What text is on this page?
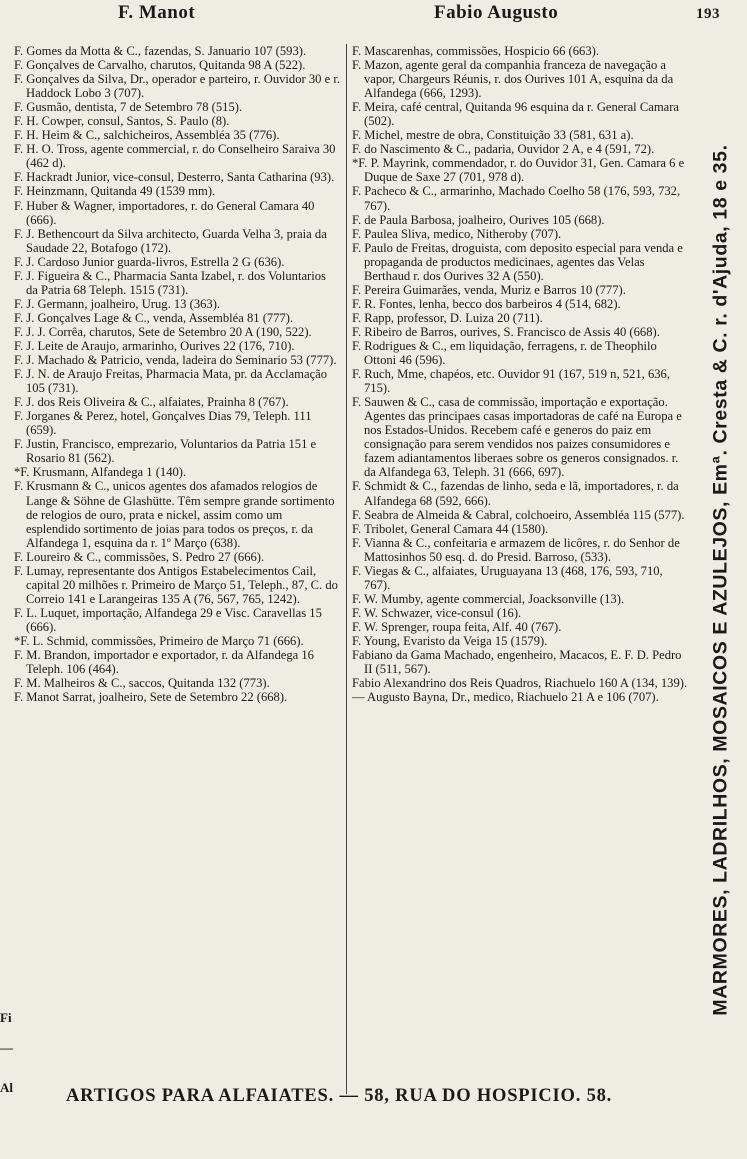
F. Manot	Fabio Augusto	193
Fi
—
Al
F. Gomes da Motta & C., fazendas, S. Januario 107 (593).
F. Gonçalves de Carvalho, charutos, Quitanda 98 A (522).
F. Gonçalves da Silva, Dr., operador e parteiro, r. Ouvidor 30 e r. Haddock Lobo 3 (707).
F. Gusmão, dentista, 7 de Setembro 78 (515).
F. H. Cowper, consul, Santos, S. Paulo (8).
F. H. Heim & C., salchicheiros, Assembléa 35 (776).
F. H. O. Tross, agente commercial, r. do Conselheiro Saraiva 30 (462 d).
F. Hackradt Junior, vice-consul, Desterro, Santa Catharina (93).
F. Heinzmann, Quitanda 49 (1539 mm).
F. Huber & Wagner, importadores, r. do General Camara 40 (666).
F. J. Bethencourt da Silva architecto, Guarda Velha 3, praia da Saudade 22, Botafogo (172).
F. J. Cardoso Junior guarda-livros, Estrella 2 G (636).
F. J. Figueira & C., Pharmacia Santa Izabel, r. dos Voluntarios da Patria 68 Teleph. 1515 (731).
F. J. Germann, joalheiro, Urug. 13 (363).
F. J. Gonçalves Lage & C., venda, Assembléa 81 (777).
F. J. J. Corrêa, charutos, Sete de Setembro 20 A (190, 522).
F. J. Leite de Araujo, armarinho, Ourives 22 (176, 710).
F. J. Machado & Patricio, venda, ladeira do Seminario 53 (777).
F. J. N. de Araujo Freitas, Pharmacia Mata, pr. da Acclamação 105 (731).
F. J. dos Reis Oliveira & C., alfaiates, Prainha 8 (767).
F. Jorganes & Perez, hotel, Gonçalves Dias 79, Teleph. 111 (659).
F. Justin, Francisco, emprezario, Voluntarios da Patria 151 e Rosario 81 (562).
*F. Krusmann, Alfandega 1 (140).
F. Krusmann & C., unicos agentes dos afamados relogios de Lange & Söhne de Glashütte. Têm sempre grande sortimento de relogios de ouro, prata e nickel, assim como um esplendido sortimento de joias para todos os preços, r. da Alfandega 1, esquina da r. 1º Março (638).
F. Loureiro & C., commissões, S. Pedro 27 (666).
F. Lumay, representante dos Antigos Estabelecimentos Cail, capital 20 milhões r. Primeiro de Março 51, Teleph., 87, C. do Correio 141 e Larangeiras 135 A (76, 567, 765, 1242).
F. L. Luquet, importação, Alfandega 29 e Visc. Caravellas 15 (666).
*F. L. Schmid, commissões, Primeiro de Março 71 (666).
F. M. Brandon, importador e exportador, r. da Alfandega 16 Teleph. 106 (464).
F. M. Malheiros & C., saccos, Quitanda 132 (773).
F. Manot Sarrat, joalheiro, Sete de Setembro 22 (668).
F. Mascarenhas, commissões, Hospicio 66 (663).
F. Mazon, agente geral da companhia franceza de navegação a vapor, Chargeurs Réunis, r. dos Ourives 101 A, esquina da da Alfandega (666, 1293).
F. Meira, café central, Quitanda 96 esquina da r. General Camara (502).
F. Michel, mestre de obra, Constituição 33 (581, 631 a).
F. do Nascimento & C., padaria, Ouvidor 2 A, e 4 (591, 72).
*F. P. Mayrink, commendador, r. do Ouvidor 31, Gen. Camara 6 e Duque de Saxe 27 (701, 978 d).
F. Pacheco & C., armarinho, Machado Coelho 58 (176, 593, 732, 767).
F. de Paula Barbosa, joalheiro, Ourives 105 (668).
F. Paulea Sliva, medico, Nitheroby (707).
F. Paulo de Freitas, droguista, com deposito especial para venda e propaganda de productos medicinaes, agentes das Velas Berthaud r. dos Ourives 32 A (550).
F. Pereira Guimarães, venda, Muriz e Barros 10 (777).
F. R. Fontes, lenha, becco dos barbeiros 4 (514, 682).
F. Rapp, professor, D. Luiza 20 (711).
F. Ribeiro de Barros, ourives, S. Francisco de Assis 40 (668).
F. Rodrigues & C., em liquidação, ferragens, r. de Theophilo Ottoni 46 (596).
F. Ruch, Mme, chapéos, etc. Ouvidor 91 (167, 519 n, 521, 636, 715).
F. Sauwen & C., casa de commissão, importação e exportação. Agentes das principaes casas importadoras de café na Europa e nos Estados-Unidos. Recebem café e generos do paiz em consignação para serem vendidos nos paizes consumidores e fazem adiantamentos liberaes sobre os generos consignados. r. da Alfandega 63, Teleph. 31 (666, 697).
F. Schmidt & C., fazendas de linho, seda e lã, importadores, r. da Alfandega 68 (592, 666).
F. Seabra de Almeida & Cabral, colchoeiro, Assembléa 115 (577).
F. Tribolet, General Camara 44 (1580).
F. Vianna & C., confeitaria e armazem de licôres, r. do Senhor de Mattosinhos 50 esq. d. do Presid. Barroso, (533).
F. Viegas & C., alfaiates, Uruguayana 13 (468, 176, 593, 710, 767).
F. W. Mumby, agente commercial, Joacksonville (13).
F. W. Schwazer, vice-consul (16).
F. W. Sprenger, roupa feita, Alf. 40 (767).
F. Young, Evaristo da Veiga 15 (1579).
Fabiano da Gama Machado, engenheiro, Macacos, E. F. D. Pedro II (511, 567).
Fabio Alexandrino dos Reis Quadros, Riachuelo 160 A (134, 139).
— Augusto Bayna, Dr., medico, Riachuelo 21 A e 106 (707).	MARMORES, LADRILHOS, MOSAICOS E AZULEJOS, Emª. Cresta & C. r. d'Ajuda, 18 e 35.
ARTIGOS PARA ALFAIATES. — 58, RUA DO HOSPICIO. 58.
